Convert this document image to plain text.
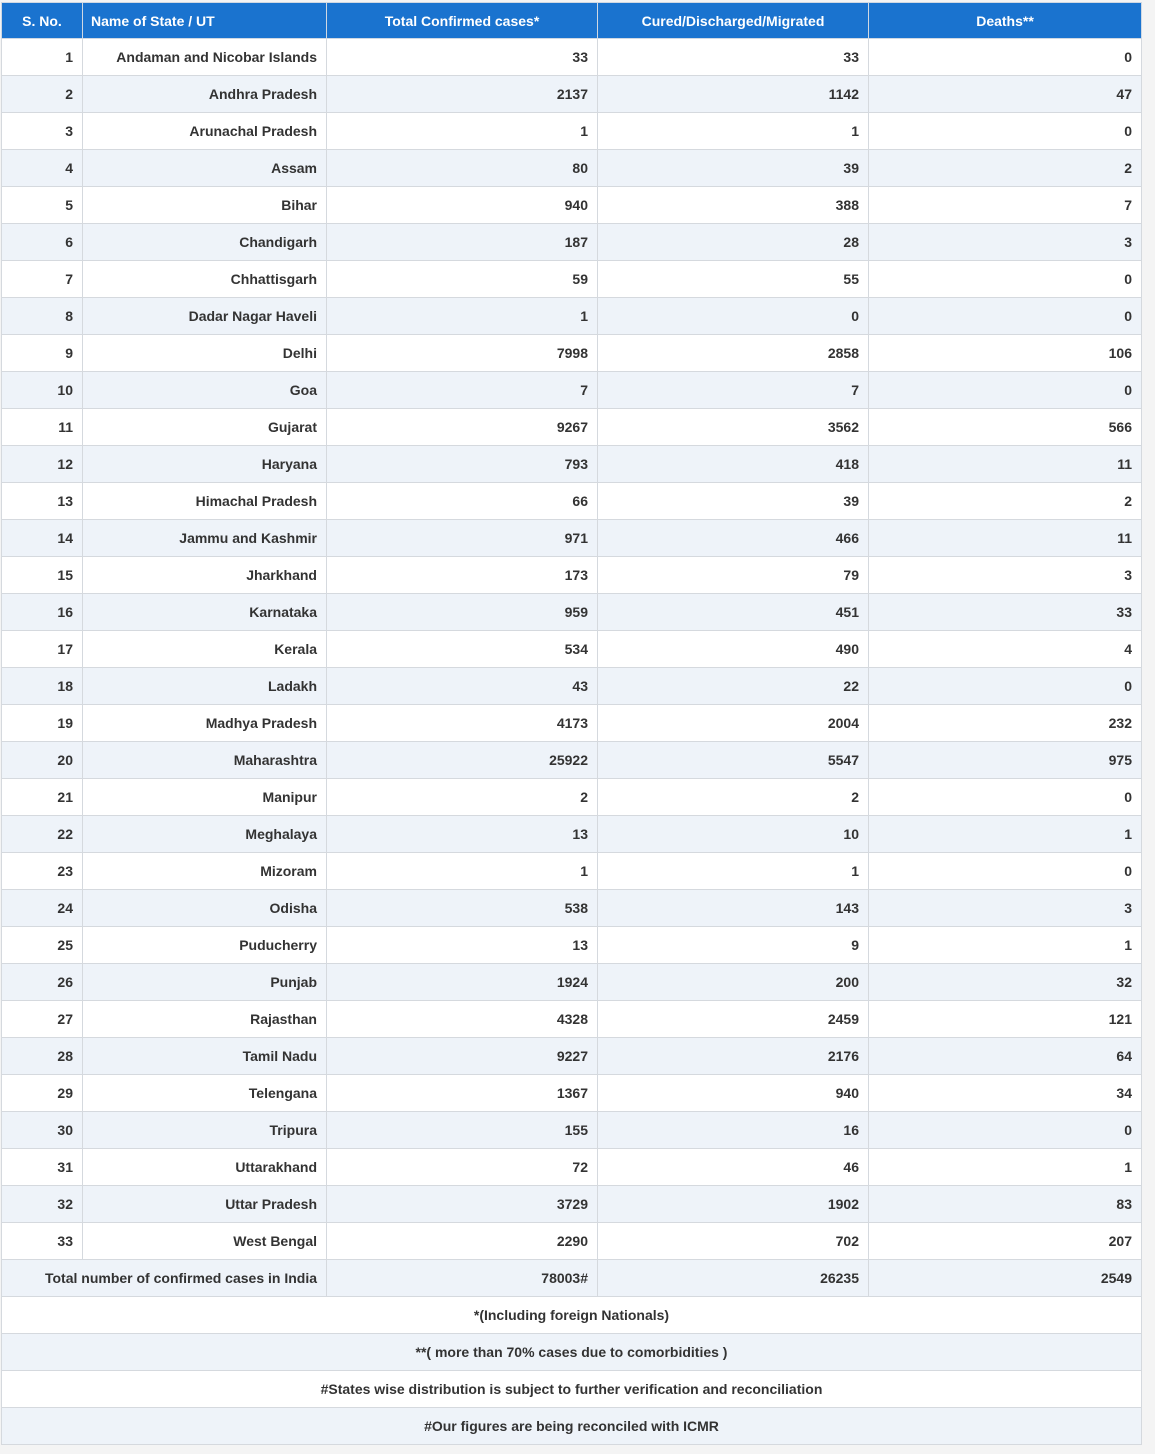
S. No.	Name of State / UT	Total Confirmed cases*	Cured/Discharged/Migrated	Deaths**
1	Andaman and Nicobar Islands	33	33	0
2	Andhra Pradesh	2137	1142	47
3	Arunachal Pradesh	1	1	0
4	Assam	80	39	2
5	Bihar	940	388	7
6	Chandigarh	187	28	3
7	Chhattisgarh	59	55	0
8	Dadar Nagar Haveli	1	0	0
9	Delhi	7998	2858	106
10	Goa	7	7	0
11	Gujarat	9267	3562	566
12	Haryana	793	418	11
13	Himachal Pradesh	66	39	2
14	Jammu and Kashmir	971	466	11
15	Jharkhand	173	79	3
16	Karnataka	959	451	33
17	Kerala	534	490	4
18	Ladakh	43	22	0
19	Madhya Pradesh	4173	2004	232
20	Maharashtra	25922	5547	975
21	Manipur	2	2	0
22	Meghalaya	13	10	1
23	Mizoram	1	1	0
24	Odisha	538	143	3
25	Puducherry	13	9	1
26	Punjab	1924	200	32
27	Rajasthan	4328	2459	121
28	Tamil Nadu	9227	2176	64
29	Telengana	1367	940	34
30	Tripura	155	16	0
31	Uttarakhand	72	46	1
32	Uttar Pradesh	3729	1902	83
33	West Bengal	2290	702	207
Total number of confirmed cases in India		78003#	26235	2549
*(Including foreign Nationals)				
**( more than 70% cases due to comorbidities )				
#States wise distribution is subject to further verification and reconciliation				
#Our figures are being reconciled with ICMR				
